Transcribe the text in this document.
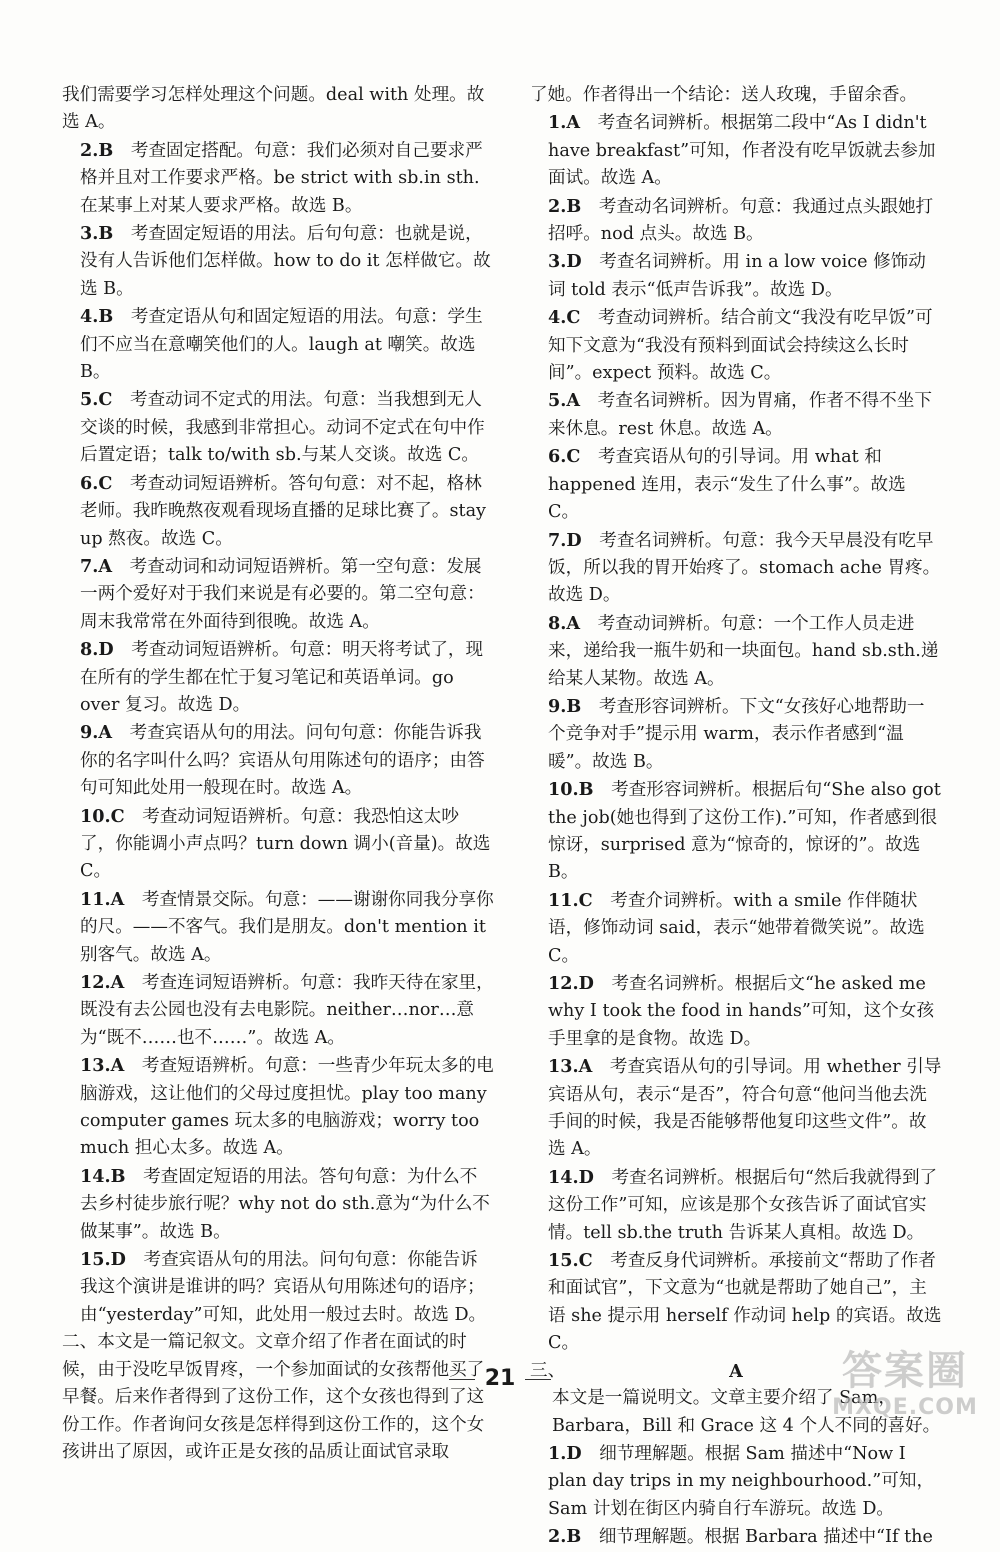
我们需要学习怎样处理这个问题。deal with 处理。故选 A。
2.B  考查固定搭配。句意：我们必须对自己要求严格并且对工作要求严格。be strict with sb.in sth.在某事上对某人要求严格。故选 B。
3.B  考查固定短语的用法。后句句意：也就是说，没有人告诉他们怎样做。how to do it 怎样做它。故选 B。
4.B  考查定语从句和固定短语的用法。句意：学生们不应当在意嘲笑他们的人。laugh at 嘲笑。故选 B。
5.C  考查动词不定式的用法。句意：当我想到无人交谈的时候，我感到非常担心。动词不定式在句中作后置定语；talk to/with sb.与某人交谈。故选 C。
6.C  考查动词短语辨析。答句句意：对不起，格林老师。我昨晚熬夜观看现场直播的足球比赛了。stay up 熬夜。故选 C。
7.A  考查动词和动词短语辨析。第一空句意：发展一两个爱好对于我们来说是有必要的。第二空句意：周末我常常在外面待到很晚。故选 A。
8.D  考查动词短语辨析。句意：明天将考试了，现在所有的学生都在忙于复习笔记和英语单词。go over 复习。故选 D。
9.A  考查宾语从句的用法。问句句意：你能告诉我你的名字叫什么吗？宾语从句用陈述句的语序；由答句可知此处用一般现在时。故选 A。
10.C  考查动词短语辨析。句意：我恐怕这太吵了，你能调小声点吗？turn down 调小(音量)。故选 C。
11.A  考查情景交际。句意：——谢谢你同我分享你的尺。——不客气。我们是朋友。don't mention it 别客气。故选 A。
12.A  考查连词短语辨析。句意：我昨天待在家里，既没有去公园也没有去电影院。neither…nor…意为“既不……也不……”。故选 A。
13.A  考查短语辨析。句意：一些青少年玩太多的电脑游戏，这让他们的父母过度担忧。play too many computer games 玩太多的电脑游戏；worry too much 担心太多。故选 A。
14.B  考查固定短语的用法。答句句意：为什么不去乡村徒步旅行呢？why not do sth.意为“为什么不做某事”。故选 B。
15.D  考查宾语从句的用法。问句句意：你能告诉我这个演讲是谁讲的吗？宾语从句用陈述句的语序；由“yesterday”可知，此处用一般过去时。故选 D。
二、本文是一篇记叙文。文章介绍了作者在面试的时候，由于没吃早饭胃疼，一个参加面试的女孩帮他买了早餐。后来作者得到了这份工作，这个女孩也得到了这份工作。作者询问女孩是怎样得到这份工作的，这个女孩讲出了原因，或许正是女孩的品质让面试官录取
了她。作者得出一个结论：送人玫瑰，手留余香。
1.A  考查名词辨析。根据第二段中“As I didn't have breakfast”可知，作者没有吃早饭就去参加面试。故选 A。
2.B  考查动名词辨析。句意：我通过点头跟她打招呼。nod 点头。故选 B。
3.D  考查名词辨析。用 in a low voice 修饰动词 told 表示“低声告诉我”。故选 D。
4.C  考查动词辨析。结合前文“我没有吃早饭”可知下文意为“我没有预料到面试会持续这么长时间”。expect 预料。故选 C。
5.A  考查名词辨析。因为胃痛，作者不得不坐下来休息。rest 休息。故选 A。
6.C  考查宾语从句的引导词。用 what 和 happened 连用，表示“发生了什么事”。故选 C。
7.D  考查名词辨析。句意：我今天早晨没有吃早饭，所以我的胃开始疼了。stomach ache 胃疼。故选 D。
8.A  考查动词辨析。句意：一个工作人员走进来，递给我一瓶牛奶和一块面包。hand sb.sth.递给某人某物。故选 A。
9.B  考查形容词辨析。下文“女孩好心地帮助一个竞争对手”提示用 warm，表示作者感到“温暖”。故选 B。
10.B  考查形容词辨析。根据后句“She also got the job(她也得到了这份工作).”可知，作者感到很惊讶，surprised 意为“惊奇的，惊讶的”。故选 B。
11.C  考查介词辨析。with a smile 作伴随状语，修饰动词 said，表示“她带着微笑说”。故选 C。
12.D  考查名词辨析。根据后文“he asked me why I took the food in hands”可知，这个女孩手里拿的是食物。故选 D。
13.A  考查宾语从句的引导词。用 whether 引导宾语从句，表示“是否”，符合句意“他问当他去洗手间的时候，我是否能够帮他复印这些文件”。故选 A。
14.D  考查名词辨析。根据后句“然后我就得到了这份工作”可知，应该是那个女孩告诉了面试官实情。tell sb.the truth 告诉某人真相。故选 D。
15.C  考查反身代词辨析。承接前文“帮助了作者和面试官”，下文意为“也就是帮助了她自己”，主语 she 提示用 herself 作动词 help 的宾语。故选 C。
三、	A
本文是一篇说明文。文章主要介绍了 Sam，Barbara，Bill 和 Grace 这 4 个人不同的喜好。
1.D  细节理解题。根据 Sam 描述中“Now I plan day trips in my neighbourhood.”可知，Sam 计划在街区内骑自行车游玩。故选 D。
2.B  细节理解题。根据 Barbara 描述中“If the
21	答案圈
MXQE.COM
